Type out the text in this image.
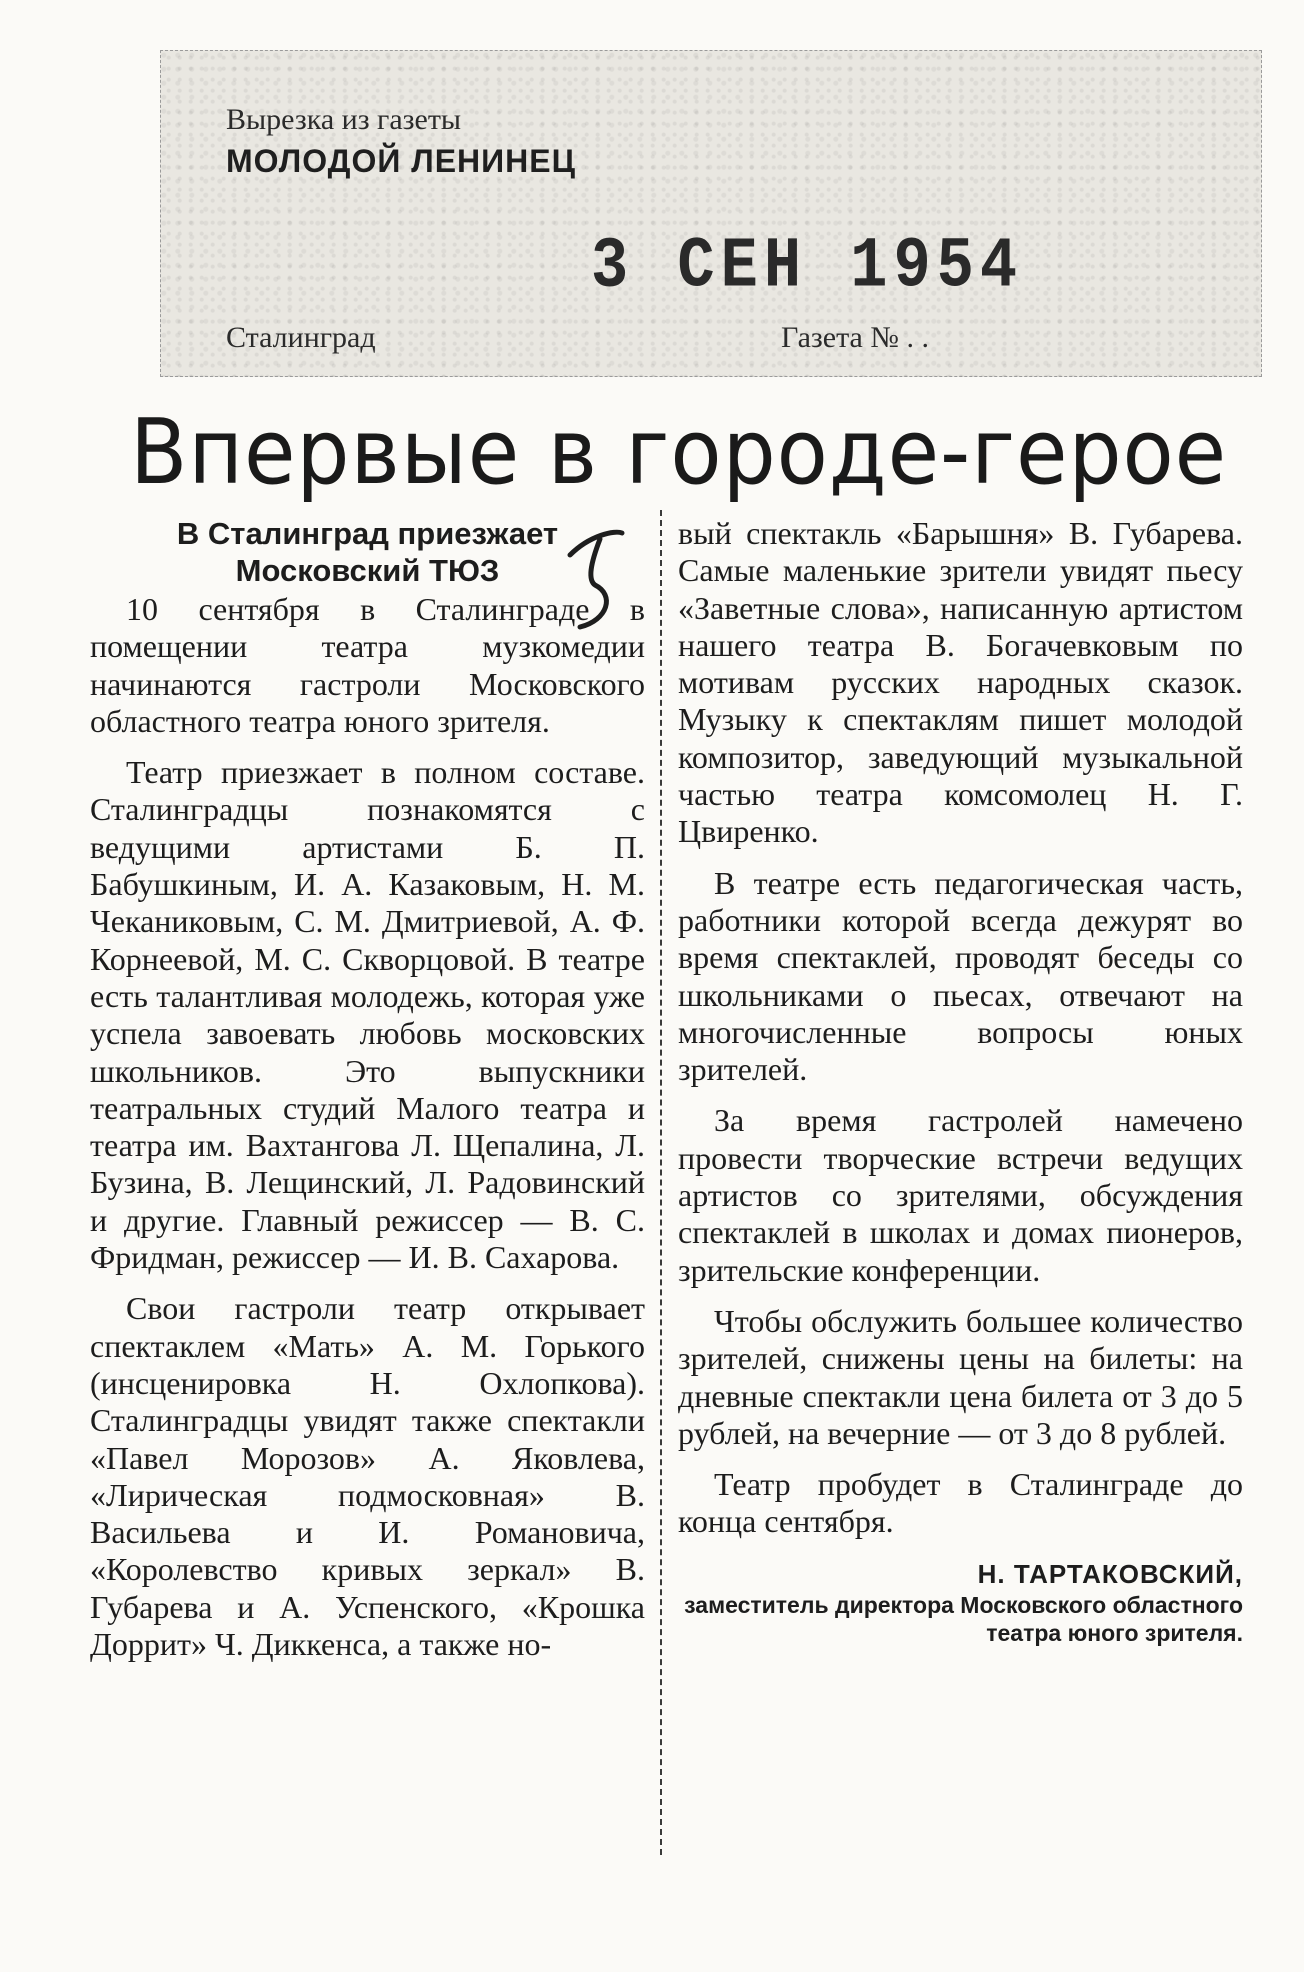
Вырезка из газеты
МОЛОДОЙ ЛЕНИНЕЦ
3 СЕН 1954
Сталинград	Газета № . .
Впервые в городе-герое
В Сталинград приезжает
Московский ТЮЗ

10 сентября в Сталинграде в помещении театра музкомедии начинаются гастроли Московского областного театра юного зрителя.

Театр приезжает в полном составе. Сталинградцы познакомятся с ведущими артистами Б. П. Бабушкиным, И. А. Казаковым, Н. М. Чеканиковым, С. М. Дмитриевой, А. Ф. Корнеевой, М. С. Скворцовой. В театре есть талантливая молодежь, которая уже успела завоевать любовь московских школьников. Это выпускники театральных студий Малого театра и театра им. Вахтангова Л. Щепалина, Л. Бузина, В. Лещинский, Л. Радовинский и другие. Главный режиссер — В. С. Фридман, режиссер — И. В. Сахарова.

Свои гастроли театр открывает спектаклем «Мать» А. М. Горького (инсценировка Н. Охлопкова). Сталинградцы увидят также спектакли «Павел Морозов» А. Яковлева, «Лирическая подмосковная» В. Васильева и И. Романовича, «Королевство кривых зеркал» В. Губарева и А. Успенского, «Крошка Доррит» Ч. Диккенса, а также но-

вый спектакль «Барышня» В. Губарева. Самые маленькие зрители увидят пьесу «Заветные слова», написанную артистом нашего театра В. Богачевковым по мотивам русских народных сказок. Музыку к спектаклям пишет молодой композитор, заведующий музыкальной частью театра комсомолец Н. Г. Цвиренко.

В театре есть педагогическая часть, работники которой всегда дежурят во время спектаклей, проводят беседы со школьниками о пьесах, отвечают на многочисленные вопросы юных зрителей.

За время гастролей намечено провести творческие встречи ведущих артистов со зрителями, обсуждения спектаклей в школах и домах пионеров, зрительские конференции.

Чтобы обслужить большее количество зрителей, снижены цены на билеты: на дневные спектакли цена билета от 3 до 5 рублей, на вечерние — от 3 до 8 рублей.

Театр пробудет в Сталинграде до конца сентября.

Н. ТАРТАКОВСКИЙ,
заместитель директора Московского областного театра юного зрителя.
